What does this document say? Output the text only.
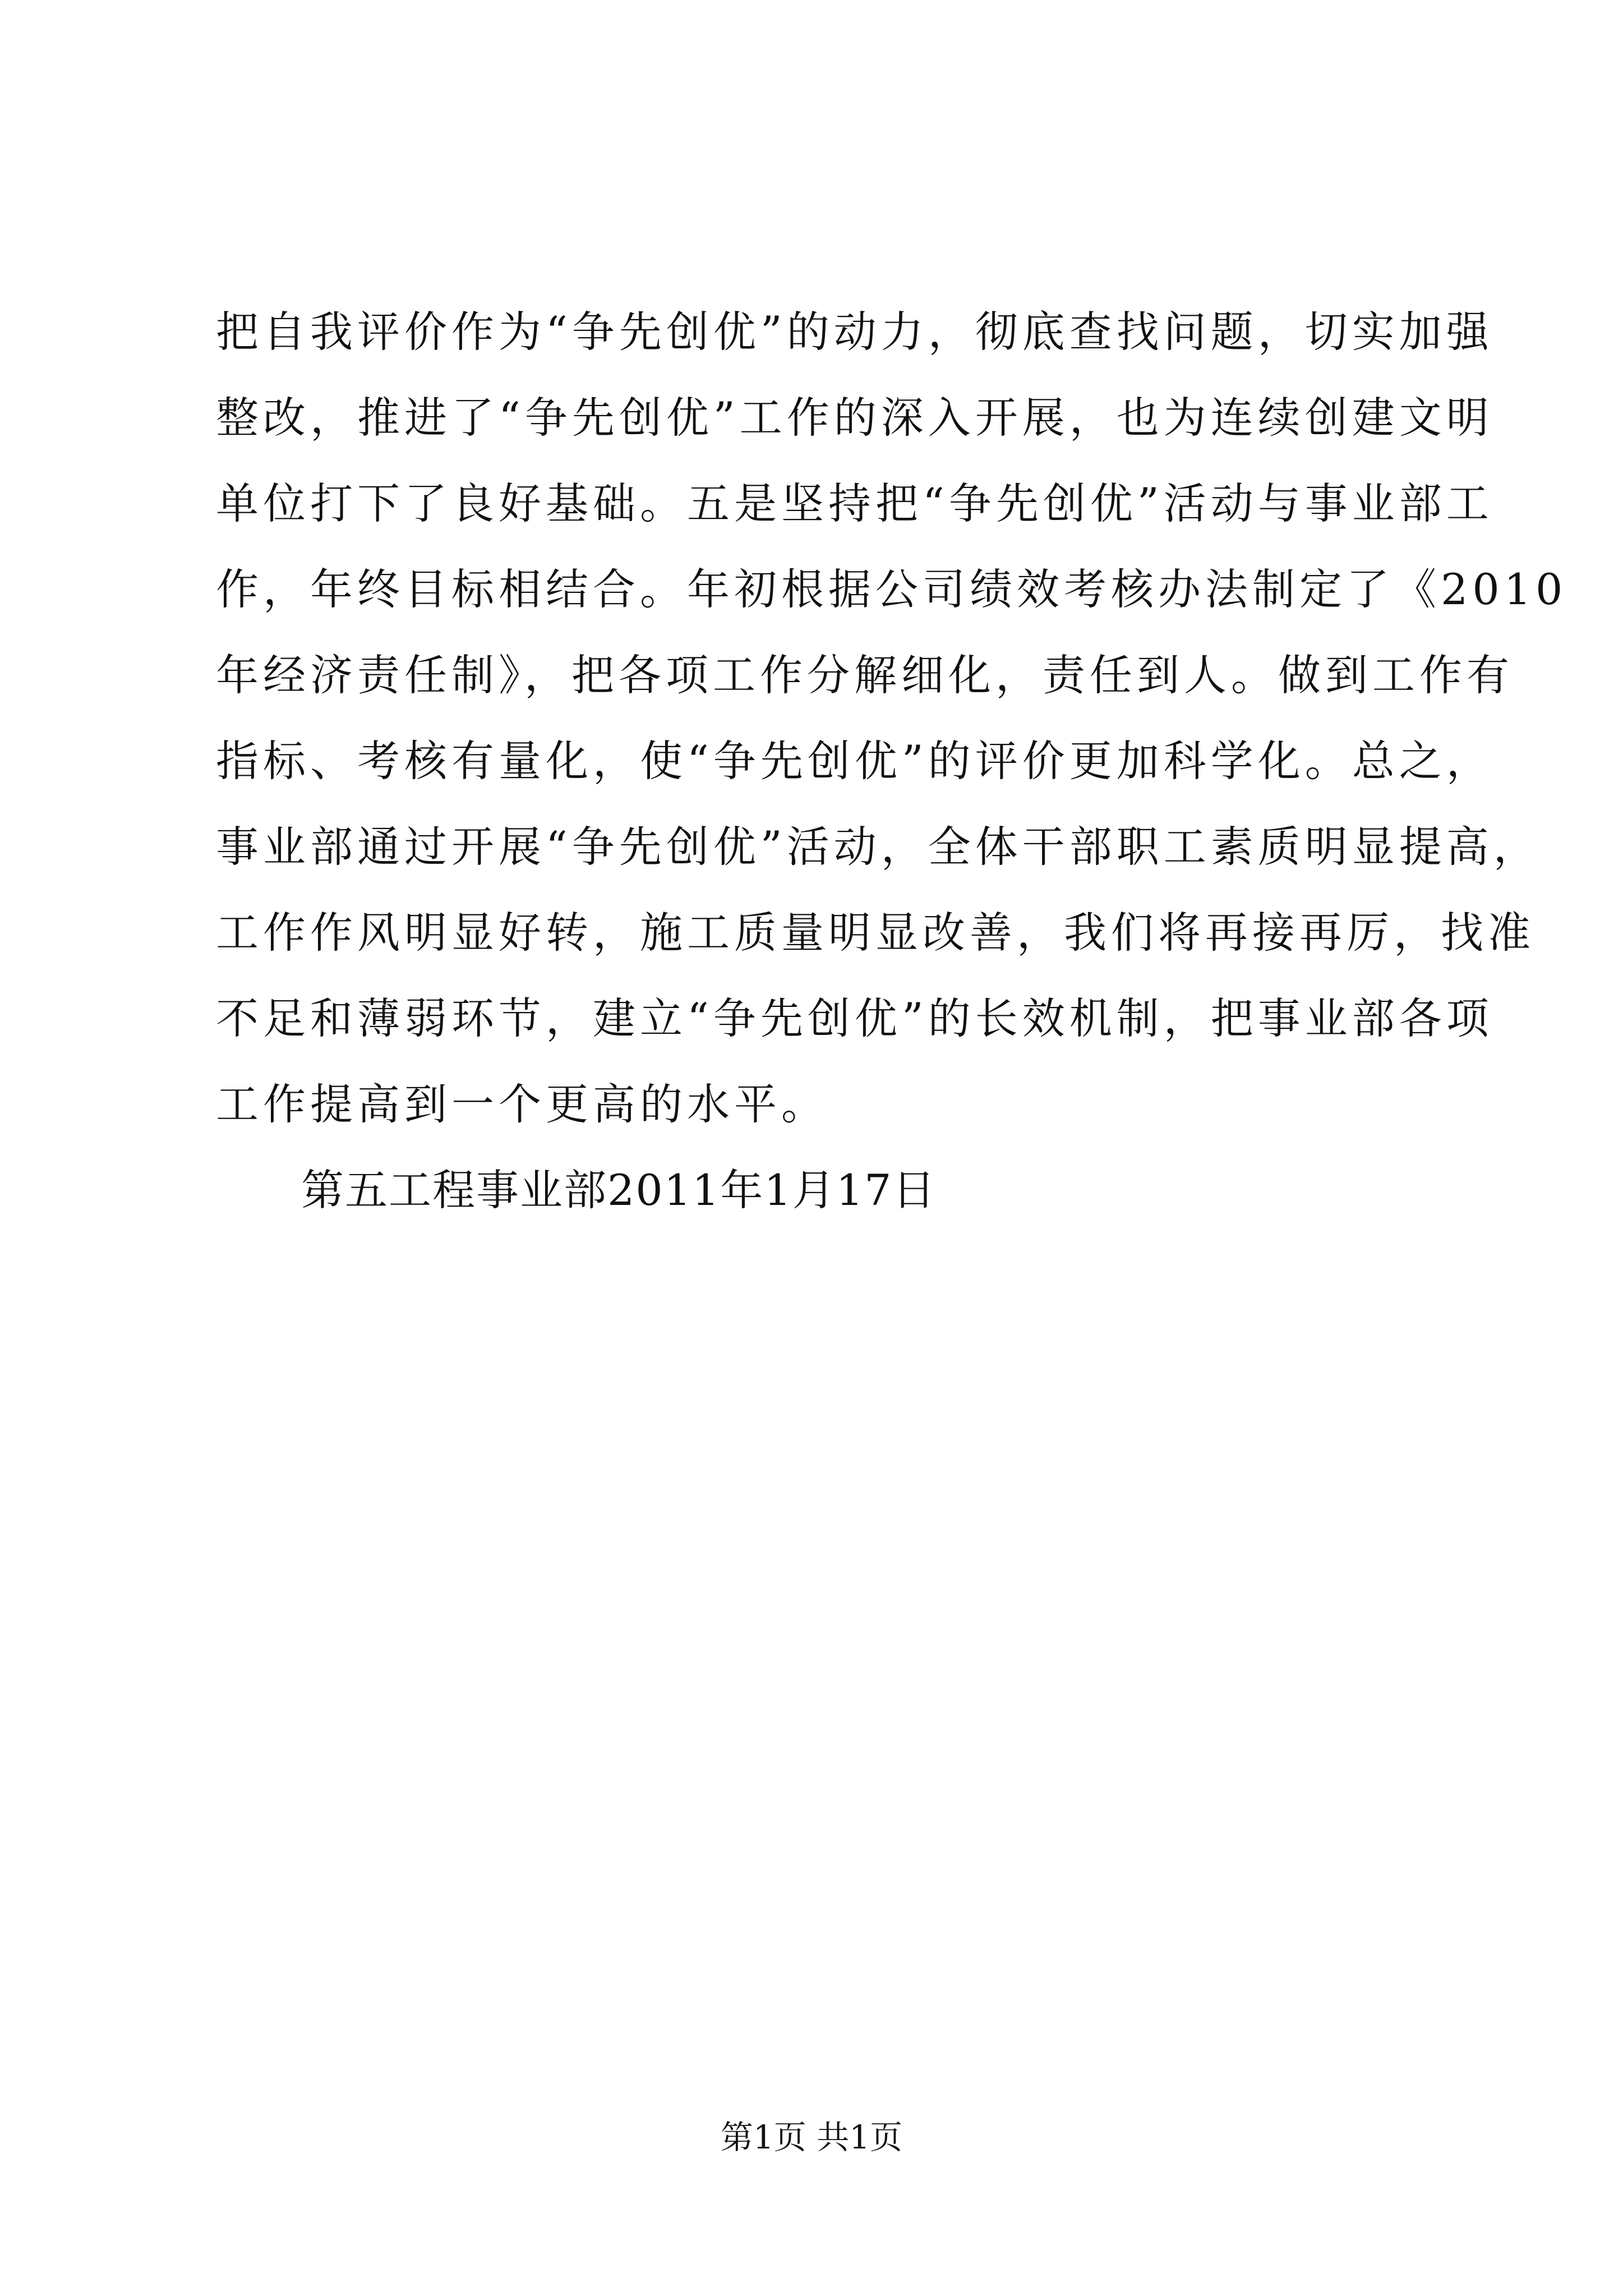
把自我评价作为“争先创优”的动力，彻底查找问题，切实加强
整改，推进了“争先创优”工作的深入开展，也为连续创建文明
单位打下了良好基础。五是坚持把“争先创优”活动与事业部工
作，年终目标相结合。年初根据公司绩效考核办法制定了《2010
年经济责任制》，把各项工作分解细化，责任到人。做到工作有
指标、考核有量化，使“争先创优”的评价更加科学化。总之，
事业部通过开展“争先创优”活动，全体干部职工素质明显提高，
工作作风明显好转，施工质量明显改善，我们将再接再厉，找准
不足和薄弱环节，建立“争先创优”的长效机制，把事业部各项
工作提高到一个更高的水平。
第五工程事业部2011年1月17日
第1页 共1页
